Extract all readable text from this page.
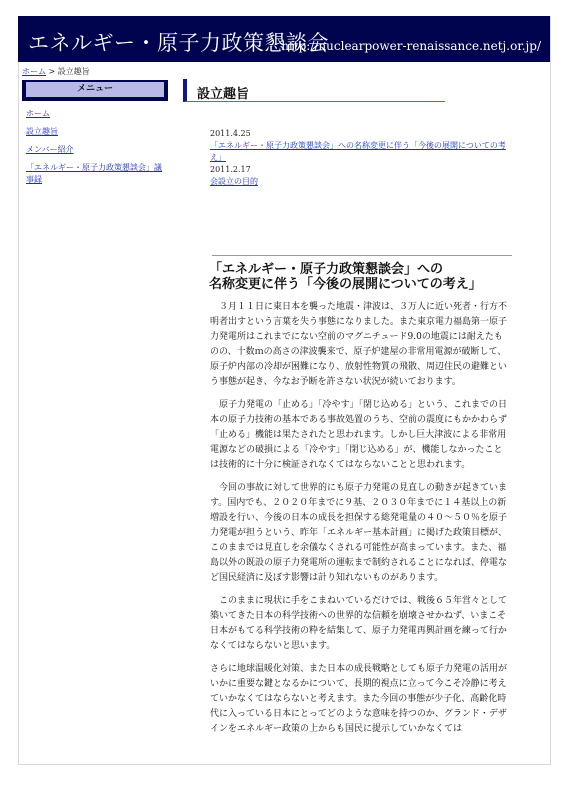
エネルギー・原子力政策懇談会
http://nuclearpower-renaissance.netj.or.jp/
ホーム > 設立趣旨
メニュー
ホーム
設立趣旨
メンバー紹介
「エネルギー・原子力政策懇談会」議事録
設立趣旨
2011.4.25
「エネルギー・原子力政策懇談会」への名称変更に伴う「今後の展開についての考え」
2011.2.17
会設立の目的
「エネルギー・原子力政策懇談会」への
名称変更に伴う「今後の展開についての考え」

３月１１日に東日本を襲った地震・津波は、３万人に近い死者・行方不明者出すという言葉を失う事態になりました。また東京電力福島第一原子力発電所はこれまでにない空前のマグニチュード9.0の地震には耐えたものの、十数ｍの高さの津波襲来で、原子炉建屋の非常用電源が破断して、原子炉内部の冷却が困難になり、放射性物質の飛散、周辺住民の避難という事態が起き、今なお予断を許さない状況が続いております。

原子力発電の「止める」「冷やす」「閉じ込める」という、これまでの日本の原子力技術の基本である事故処置のうち、空前の震度にもかかわらず「止める」機能は果たされたと思われます。しかし巨大津波による非常用電源などの破損による「冷やす」「閉じ込める」が、機能しなかったことは技術的に十分に検証されなくてはならないことと思われます。

今回の事故に対して世界的にも原子力発電の見直しの動きが起きています。国内でも、２０２０年までに９基、２０３０年までに１４基以上の新増設を行い、今後の日本の成長を担保する総発電量の４０～５０％を原子力発電が担うという、昨年「エネルギー基本計画」に掲げた政策目標が、このままでは見直しを余儀なくされる可能性が高まっています。また、福島以外の既設の原子力発電所の運転まで制約されることになれば、停電など国民経済に及ぼす影響は計り知れないものがあります。

このままに現状に手をこまねいているだけでは、戦後６５年営々として築いてきた日本の科学技術への世界的な信頼を崩壊させかねず、いまこそ日本がもてる科学技術の粋を結集して、原子力発電再興計画を練って行かなくてはならないと思います。

さらに地球温暖化対策、また日本の成長戦略としても原子力発電の活用がいかに重要な鍵となるかについて、長期的視点に立って今こそ冷静に考えていかなくてはならないと考えます。また今回の事態が少子化、高齢化時代に入っている日本にとってどのような意味を持つのか、グランド・デザインをエネルギー政策の上からも国民に提示していかなくては
